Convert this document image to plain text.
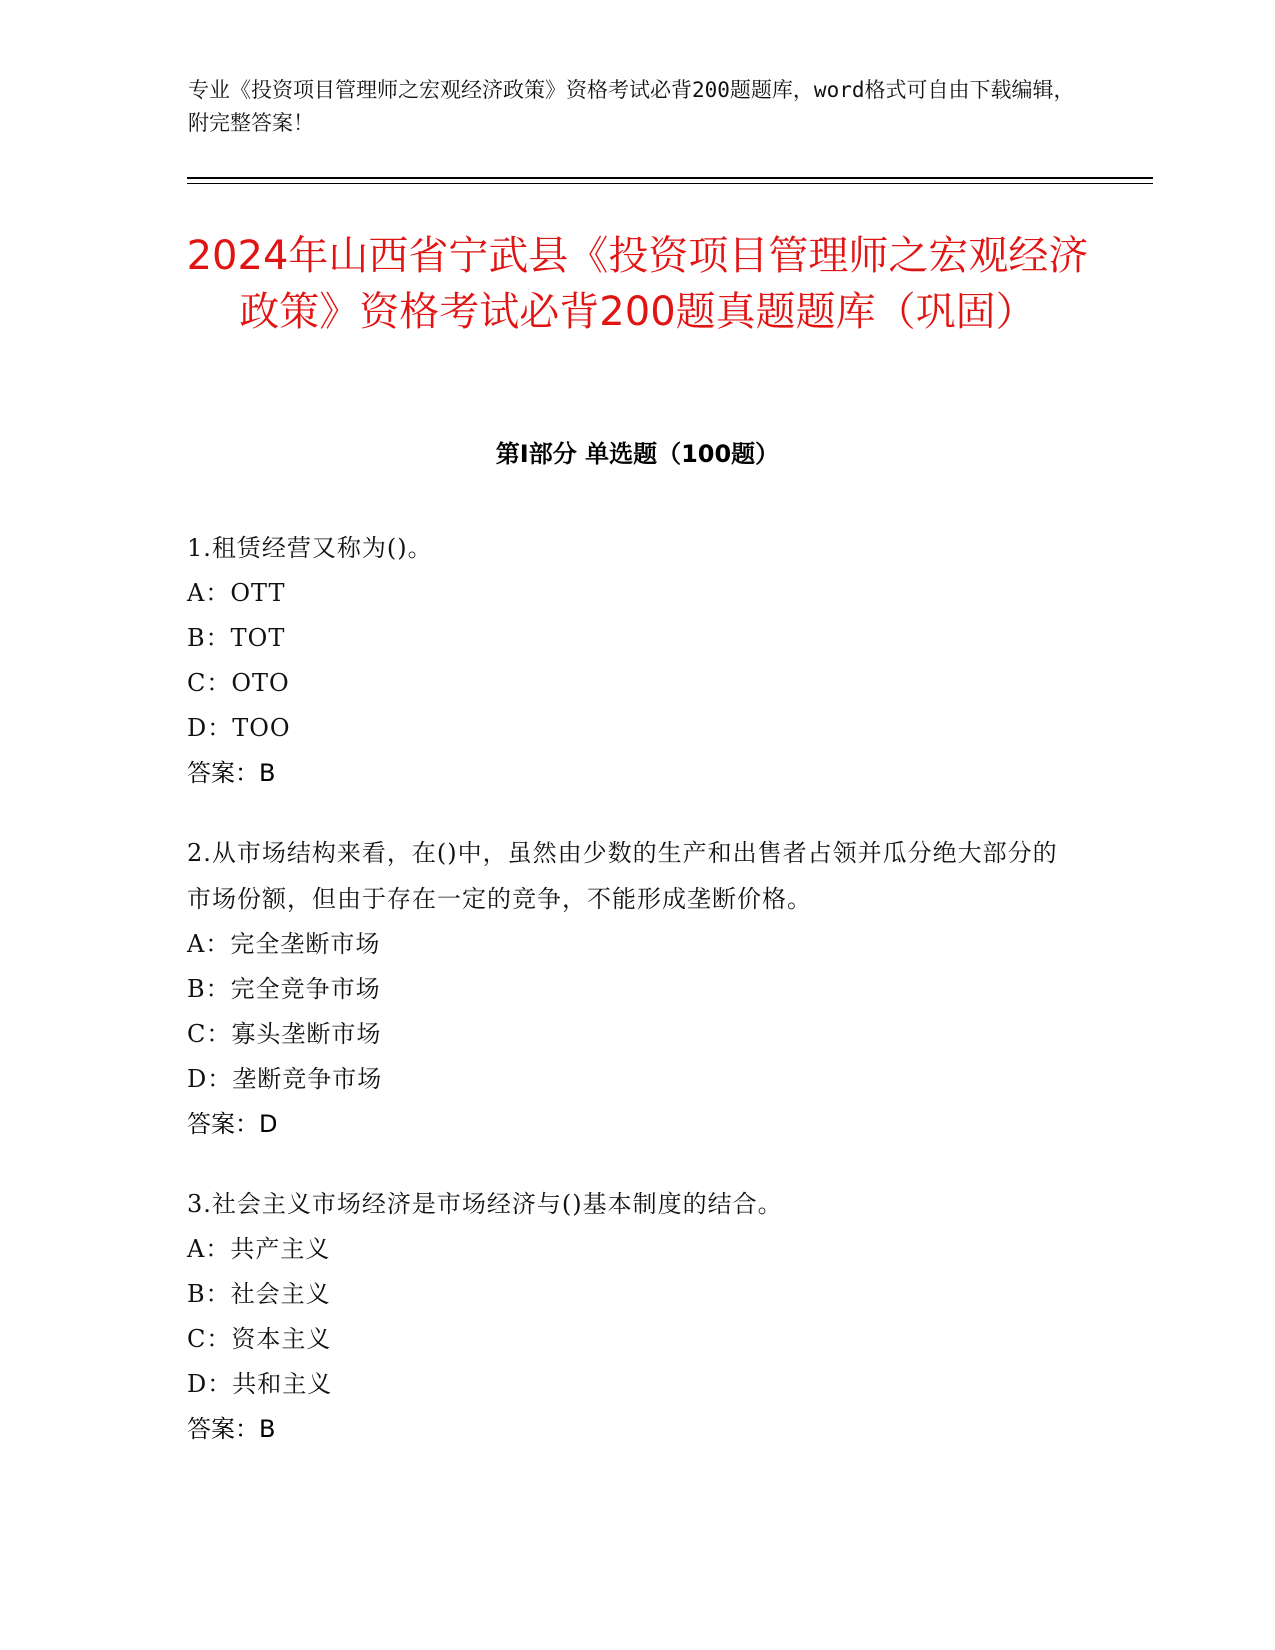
专业《投资项目管理师之宏观经济政策》资格考试必背200题题库，word格式可自由下载编辑，附完整答案！
2024年山西省宁武县《投资项目管理师之宏观经济政策》资格考试必背200题真题题库（巩固）
第Ⅰ部分 单选题（100题）
1.租赁经营又称为()。
A：OTT
B：TOT
C：OTO
D：TOO
答案：B
2.从市场结构来看，在()中，虽然由少数的生产和出售者占领并瓜分绝大部分的市场份额，但由于存在一定的竞争，不能形成垄断价格。
A：完全垄断市场
B：完全竞争市场
C：寡头垄断市场
D：垄断竞争市场
答案：D
3.社会主义市场经济是市场经济与()基本制度的结合。
A：共产主义
B：社会主义
C：资本主义
D：共和主义
答案：B
